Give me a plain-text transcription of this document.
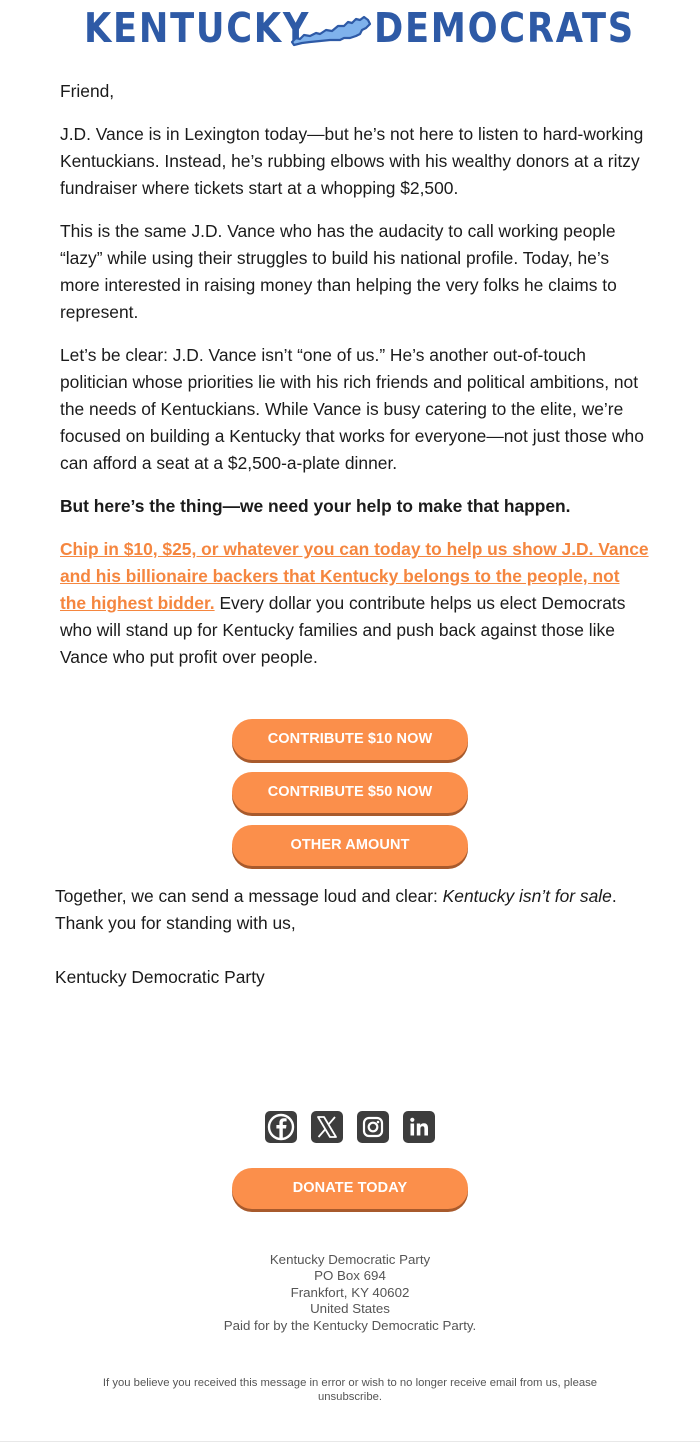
KENTUCKY DEMOCRATS

Friend,

J.D. Vance is in Lexington today—but he’s not here to listen to hard-working Kentuckians. Instead, he’s rubbing elbows with his wealthy donors at a ritzy fundraiser where tickets start at a whopping $2,500.

This is the same J.D. Vance who has the audacity to call working people “lazy” while using their struggles to build his national profile. Today, he’s more interested in raising money than helping the very folks he claims to represent.

Let’s be clear: J.D. Vance isn’t “one of us.” He’s another out-of-touch politician whose priorities lie with his rich friends and political ambitions, not the needs of Kentuckians. While Vance is busy catering to the elite, we’re focused on building a Kentucky that works for everyone—not just those who can afford a seat at a $2,500-a-plate dinner.

But here’s the thing—we need your help to make that happen.

Chip in $10, $25, or whatever you can today to help us show J.D. Vance and his billionaire backers that Kentucky belongs to the people, not the highest bidder. Every dollar you contribute helps us elect Democrats who will stand up for Kentucky families and push back against those like Vance who put profit over people.

CONTRIBUTE $10 NOW
CONTRIBUTE $50 NOW
OTHER AMOUNT

Together, we can send a message loud and clear: Kentucky isn’t for sale.

Thank you for standing with us,

Kentucky Democratic Party

DONATE TODAY
Kentucky Democratic Party
PO Box 694
Frankfort, KY 40602
United States
Paid for by the Kentucky Democratic Party.
If you believe you received this message in error or wish to no longer receive email from us, please unsubscribe.
